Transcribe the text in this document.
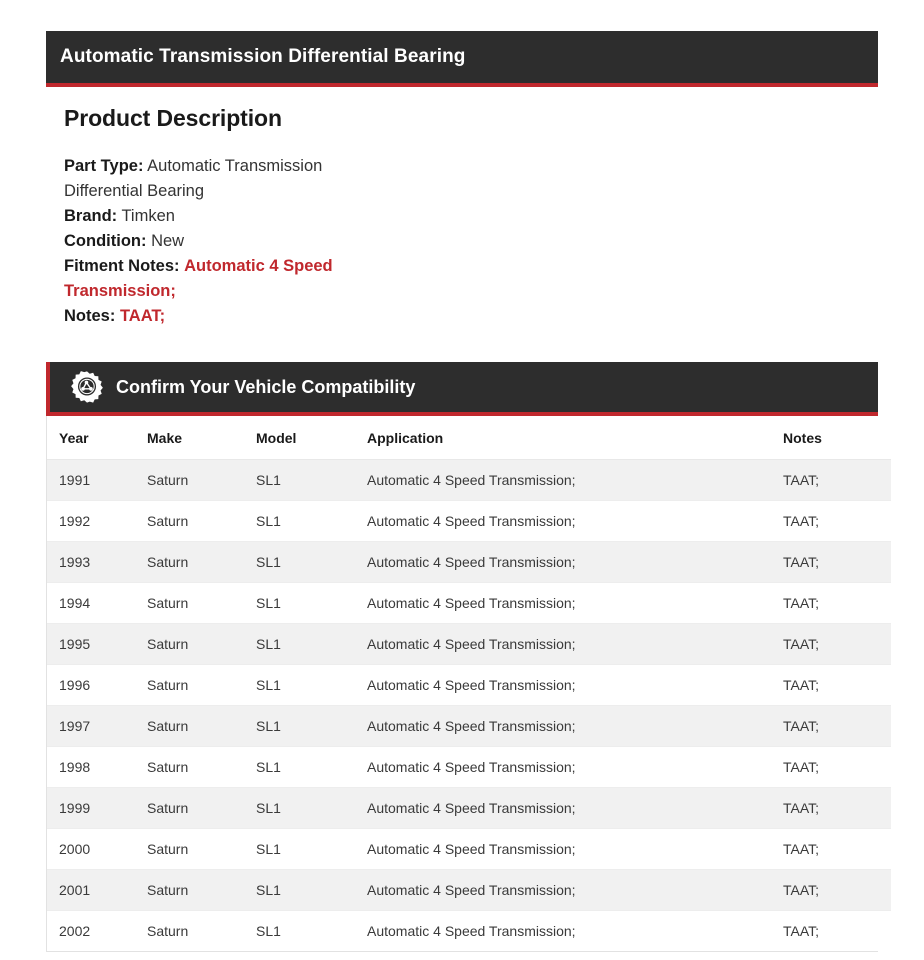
Automatic Transmission Differential Bearing
Product Description

Part Type: Automatic Transmission Differential Bearing

Brand: Timken

Condition: New

Fitment Notes: Automatic 4 Speed Transmission;

Notes: TAAT;

Confirm Your Vehicle Compatibility
Year	Make	Model	Application	Notes
1991	Saturn	SL1	Automatic 4 Speed Transmission;	TAAT;
1992	Saturn	SL1	Automatic 4 Speed Transmission;	TAAT;
1993	Saturn	SL1	Automatic 4 Speed Transmission;	TAAT;
1994	Saturn	SL1	Automatic 4 Speed Transmission;	TAAT;
1995	Saturn	SL1	Automatic 4 Speed Transmission;	TAAT;
1996	Saturn	SL1	Automatic 4 Speed Transmission;	TAAT;
1997	Saturn	SL1	Automatic 4 Speed Transmission;	TAAT;
1998	Saturn	SL1	Automatic 4 Speed Transmission;	TAAT;
1999	Saturn	SL1	Automatic 4 Speed Transmission;	TAAT;
2000	Saturn	SL1	Automatic 4 Speed Transmission;	TAAT;
2001	Saturn	SL1	Automatic 4 Speed Transmission;	TAAT;
2002	Saturn	SL1	Automatic 4 Speed Transmission;	TAAT;
